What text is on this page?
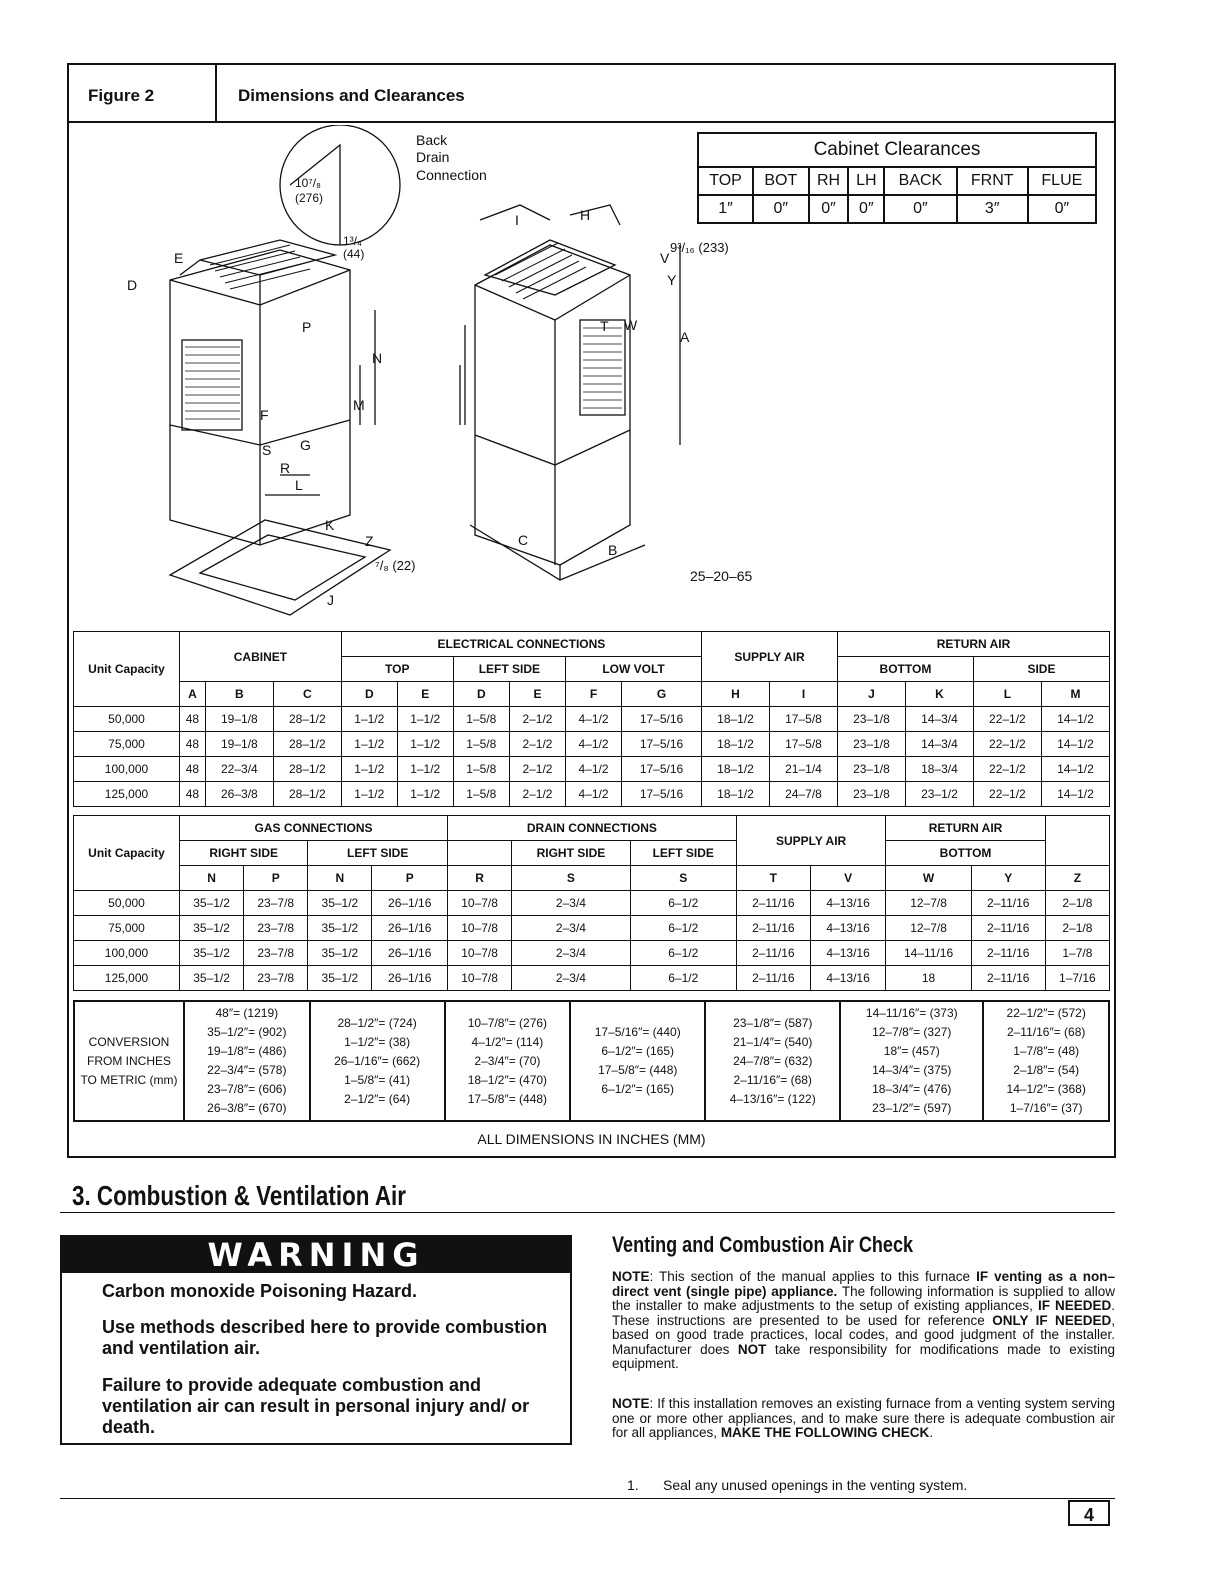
Figure 2	Dimensions and Clearances
Back
Drain
Connection
10⁷/₈
(276)
1³/₄
(44)	9³/₁₆ (233)
⁷/₈ (22)
25–20–65
A
B
C
D
E
F
G
H
I
J
K
L
M
N
P
R
S
T
V
W
Y
Z
Cabinet Clearances						
TOP	BOT	RH	LH	BACK	FRNT	FLUE
1″	0″	0″	0″	0″	3″	0″
Unit Capacity	CABINET			ELECTRICAL CONNECTIONS						SUPPLY AIR		RETURN AIR			
				TOP		LEFT SIDE		LOW VOLT				BOTTOM		SIDE	
	A	B	C	D	E	D	E	F	G	H	I	J	K	L	M
50,000	48	19–1/8	28–1/2	1–1/2	1–1/2	1–5/8	2–1/2	4–1/2	17–5/16	18–1/2	17–5/8	23–1/8	14–3/4	22–1/2	14–1/2
75,000	48	19–1/8	28–1/2	1–1/2	1–1/2	1–5/8	2–1/2	4–1/2	17–5/16	18–1/2	17–5/8	23–1/8	14–3/4	22–1/2	14–1/2
100,000	48	22–3/4	28–1/2	1–1/2	1–1/2	1–5/8	2–1/2	4–1/2	17–5/16	18–1/2	21–1/4	23–1/8	18–3/4	22–1/2	14–1/2
125,000	48	26–3/8	28–1/2	1–1/2	1–1/2	1–5/8	2–1/2	4–1/2	17–5/16	18–1/2	24–7/8	23–1/8	23–1/2	22–1/2	14–1/2
Unit Capacity	GAS CONNECTIONS				DRAIN CONNECTIONS			SUPPLY AIR		RETURN AIR		
	RIGHT SIDE		LEFT SIDE			RIGHT SIDE	LEFT SIDE			BOTTOM		
	N	P	N	P	R	S	S	T	V	W	Y	Z
50,000	35–1/2	23–7/8	35–1/2	26–1/16	10–7/8	2–3/4	6–1/2	2–11/16	4–13/16	12–7/8	2–11/16	2–1/8
75,000	35–1/2	23–7/8	35–1/2	26–1/16	10–7/8	2–3/4	6–1/2	2–11/16	4–13/16	12–7/8	2–11/16	2–1/8
100,000	35–1/2	23–7/8	35–1/2	26–1/16	10–7/8	2–3/4	6–1/2	2–11/16	4–13/16	14–11/16	2–11/16	1–7/8
125,000	35–1/2	23–7/8	35–1/2	26–1/16	10–7/8	2–3/4	6–1/2	2–11/16	4–13/16	18	2–11/16	1–7/16
CONVERSION FROM INCHES TO METRIC (mm)	
48″= (1219)
35–1/2″= (902)
19–1/8″= (486)
22–3/4″= (578)
23–7/8″= (606)
26–3/8″= (670)

28–1/2″= (724)
1–1/2″= (38)
26–1/16″= (662)
1–5/8″= (41)
2–1/2″= (64)

10–7/8″= (276)
4–1/2″= (114)
2–3/4″= (70)
18–1/2″= (470)
17–5/8″= (448)

17–5/16″= (440)
6–1/2″= (165)
17–5/8″= (448)
6–1/2″= (165)

23–1/8″= (587)
21–1/4″= (540)
24–7/8″= (632)
2–11/16″= (68)
4–13/16″= (122)

14–11/16″= (373)
12–7/8″= (327)
18″= (457)
14–3/4″= (375)
18–3/4″= (476)
23–1/2″= (597)

22–1/2″= (572)
2–11/16″= (68)
1–7/8″= (48)
2–1/8″= (54)
14–1/2″= (368)
1–7/16″= (37)
ALL DIMENSIONS IN INCHES (MM)
3. Combustion & Ventilation Air
WARNING
Carbon monoxide Poisoning Hazard.
Use methods described here to provide combustion and ventilation air.
Failure to provide adequate combustion and ventilation air can result in personal injury and/ or death.
Venting and Combustion Air Check
NOTE: This section of the manual applies to this furnace IF venting as a non–direct vent (single pipe) appliance. The following information is supplied to allow the installer to make adjustments to the setup of existing appliances, IF NEEDED. These instructions are presented to be used for reference ONLY IF NEEDED, based on good trade practices, local codes, and good judgment of the installer. Manufacturer does NOT take responsibility for modifications made to existing equipment.
NOTE: If this installation removes an existing furnace from a venting system serving one or more other appliances, and to make sure there is adequate combustion air for all appliances, MAKE THE FOLLOWING CHECK.
1. Seal any unused openings in the venting system.
4
